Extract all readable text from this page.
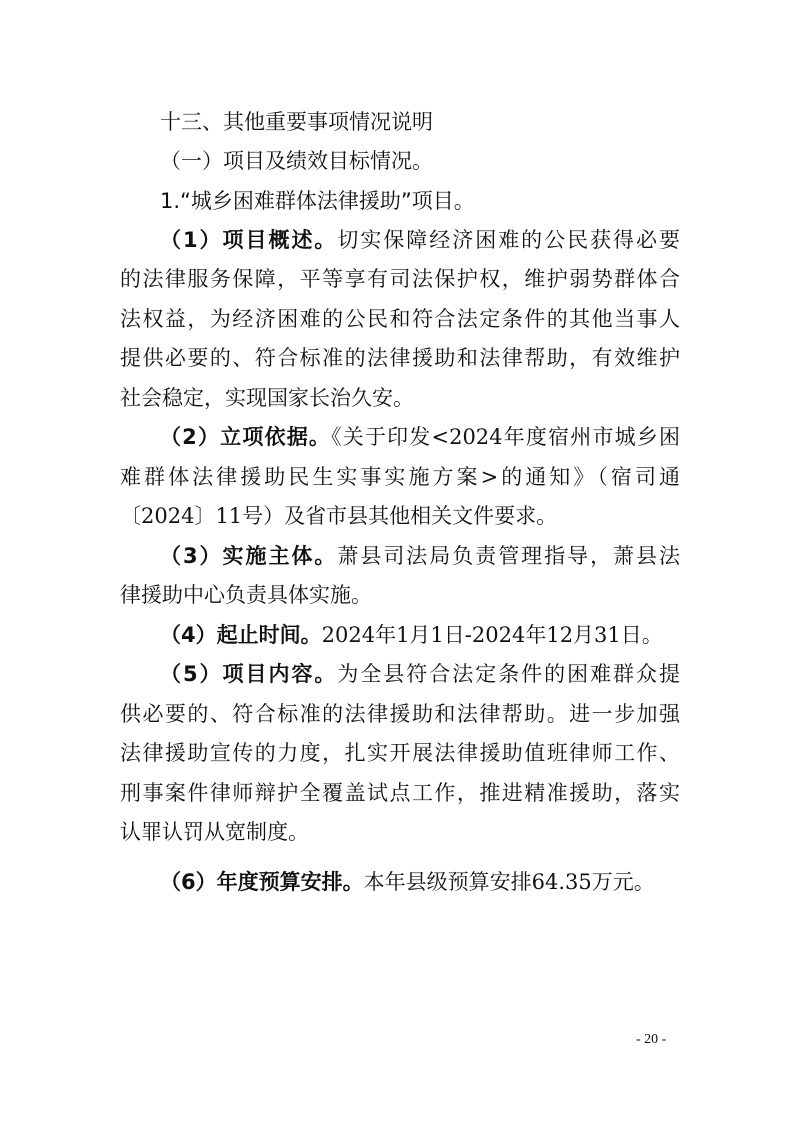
十三、其他重要事项情况说明
（一）项目及绩效目标情况。
1.“城乡困难群体法律援助”项目。
（1）项目概述。切实保障经济困难的公民获得必要
的法律服务保障，平等享有司法保护权，维护弱势群体合
法权益，为经济困难的公民和符合法定条件的其他当事人
提供必要的、符合标准的法律援助和法律帮助，有效维护
社会稳定，实现国家长治久安。
（2）立项依据。《关于印发<2024年度宿州市城乡困
难群体法律援助民生实事实施方案>的通知》（宿司通
〔2024〕11号）及省市县其他相关文件要求。
（3）实施主体。萧县司法局负责管理指导，萧县法
律援助中心负责具体实施。
（4）起止时间。2024年1月1日-2024年12月31日。
（5）项目内容。为全县符合法定条件的困难群众提
供必要的、符合标准的法律援助和法律帮助。进一步加强
法律援助宣传的力度，扎实开展法律援助值班律师工作、
刑事案件律师辩护全覆盖试点工作，推进精准援助，落实
认罪认罚从宽制度。
（6）年度预算安排。本年县级预算安排64.35万元。
- 20 -
